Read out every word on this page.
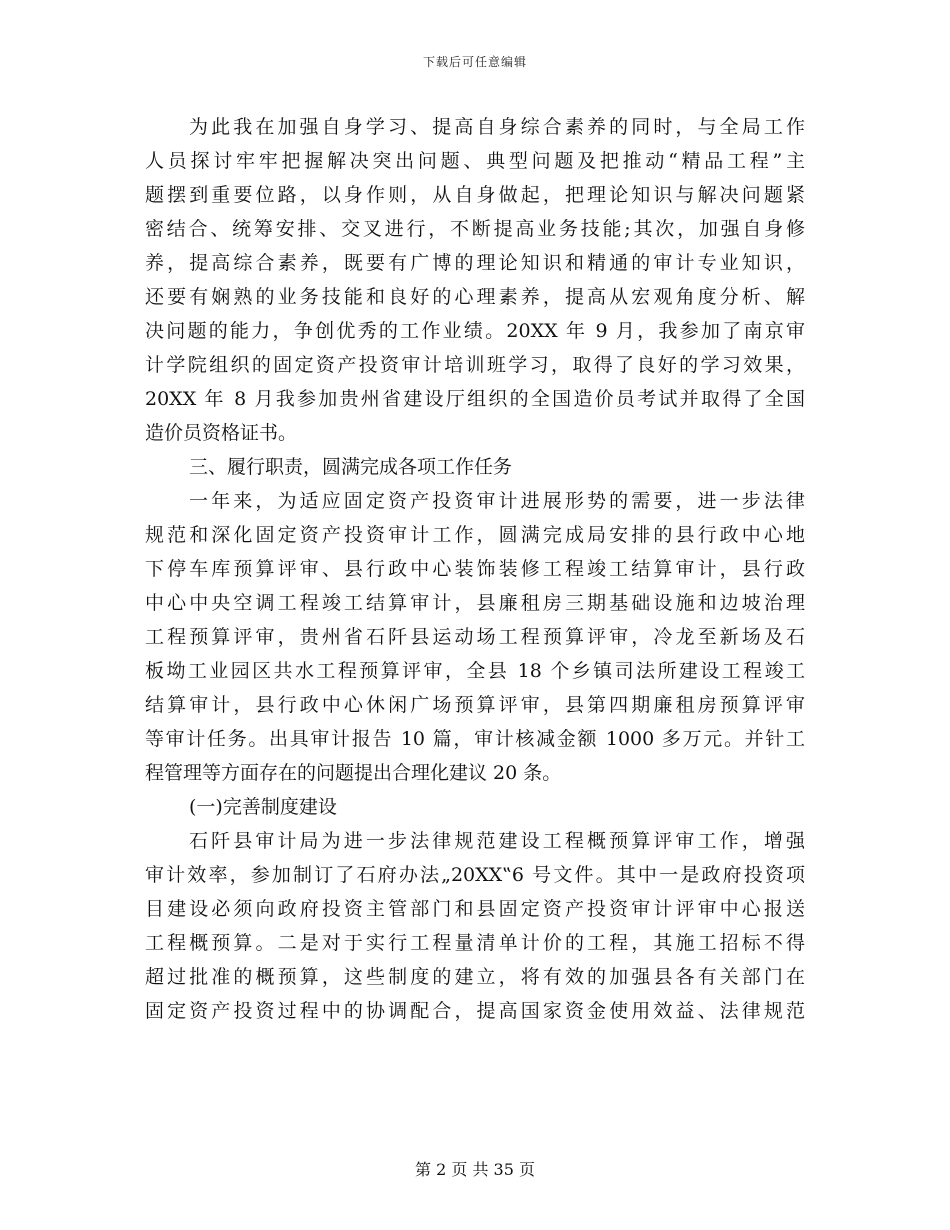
下载后可任意编辑
为此我在加强自身学习、提高自身综合素养的同时，与全局工作
人员探讨牢牢把握解决突出问题、典型问题及把推动“精品工程”主
题摆到重要位路，以身作则，从自身做起，把理论知识与解决问题紧
密结合、统筹安排、交叉进行，不断提高业务技能;其次，加强自身修
养，提高综合素养，既要有广博的理论知识和精通的审计专业知识，
还要有娴熟的业务技能和良好的心理素养，提高从宏观角度分析、解
决问题的能力，争创优秀的工作业绩。20XX 年 9 月，我参加了南京审
计学院组织的固定资产投资审计培训班学习，取得了良好的学习效果，
20XX 年 8 月我参加贵州省建设厅组织的全国造价员考试并取得了全国
造价员资格证书。
三、履行职责，圆满完成各项工作任务
一年来，为适应固定资产投资审计进展形势的需要，进一步法律
规范和深化固定资产投资审计工作，圆满完成局安排的县行政中心地
下停车库预算评审、县行政中心装饰装修工程竣工结算审计，县行政
中心中央空调工程竣工结算审计，县廉租房三期基础设施和边坡治理
工程预算评审，贵州省石阡县运动场工程预算评审，冷龙至新场及石
板坳工业园区共水工程预算评审，全县 18 个乡镇司法所建设工程竣工
结算审计，县行政中心休闲广场预算评审，县第四期廉租房预算评审
等审计任务。出具审计报告 10 篇，审计核减金额 1000 多万元。并针工
程管理等方面存在的问题提出合理化建议 20 条。
(一)完善制度建设
石阡县审计局为进一步法律规范建设工程概预算评审工作，增强
审计效率，参加制订了石府办法„20XX‟6 号文件。其中一是政府投资项
目建设必须向政府投资主管部门和县固定资产投资审计评审中心报送
工程概预算。二是对于实行工程量清单计价的工程，其施工招标不得
超过批准的概预算，这些制度的建立，将有效的加强县各有关部门在
固定资产投资过程中的协调配合，提高国家资金使用效益、法律规范
第 2 页 共 35 页
